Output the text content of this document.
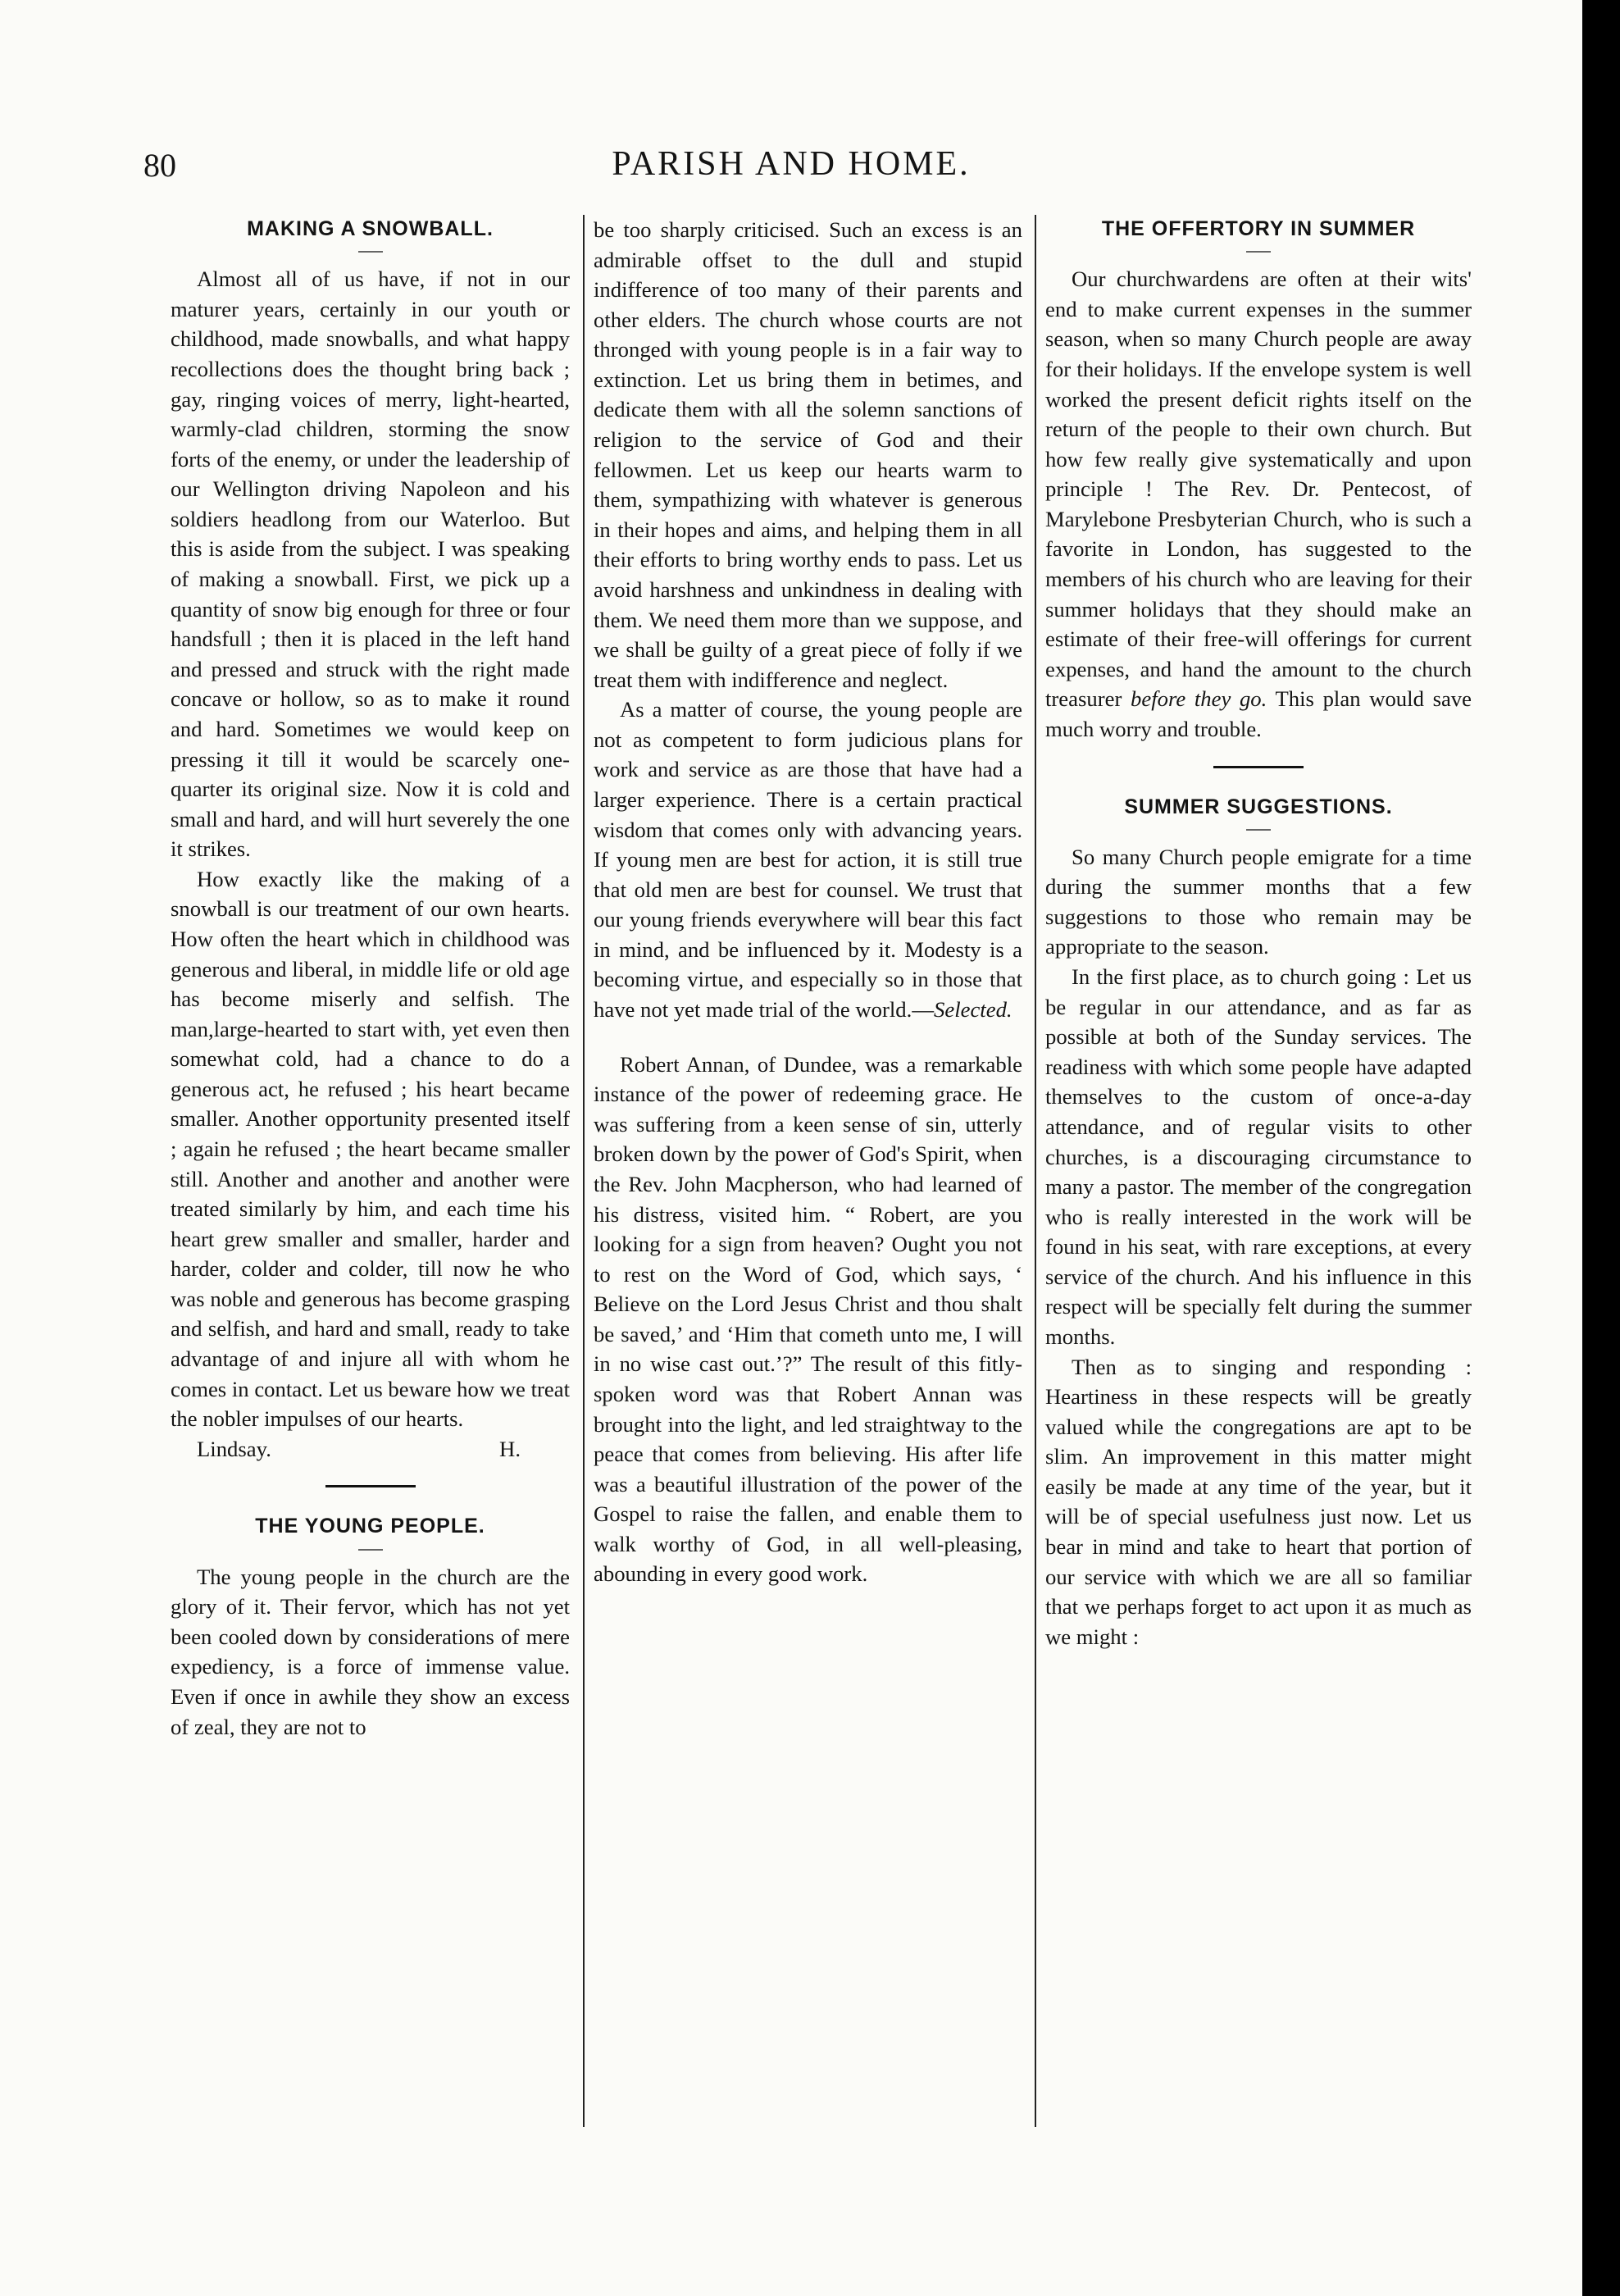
80	PARISH AND HOME.
MAKING A SNOWBALL.

Almost all of us have, if not in our maturer years, certainly in our youth or childhood, made snowballs, and what happy recollections does the thought bring back ; gay, ringing voices of merry, light-hearted, warmly-clad children, storming the snow forts of the enemy, or under the leadership of our Wellington driving Napoleon and his soldiers headlong from our Waterloo. But this is aside from the subject. I was speaking of making a snowball. First, we pick up a quantity of snow big enough for three or four handsfull ; then it is placed in the left hand and pressed and struck with the right made concave or hollow, so as to make it round and hard. Sometimes we would keep on pressing it till it would be scarcely one-quarter its original size. Now it is cold and small and hard, and will hurt severely the one it strikes.

How exactly like the making of a snowball is our treatment of our own hearts. How often the heart which in childhood was generous and liberal, in middle life or old age has become miserly and selfish. The man,large-hearted to start with, yet even then somewhat cold, had a chance to do a generous act, he refused ; his heart became smaller. Another opportunity presented itself ; again he refused ; the heart became smaller still. Another and another and another were treated similarly by him, and each time his heart grew smaller and smaller, harder and harder, colder and colder, till now he who was noble and generous has become grasping and selfish, and hard and small, ready to take advantage of and injure all with whom he comes in contact. Let us beware how we treat the nobler impulses of our hearts.

Lindsay.	H.

THE YOUNG PEOPLE.

The young people in the church are the glory of it. Their fervor, which has not yet been cooled down by considerations of mere expediency, is a force of immense value. Even if once in awhile they show an excess of zeal, they are not to

be too sharply criticised. Such an excess is an admirable offset to the dull and stupid indifference of too many of their parents and other elders. The church whose courts are not thronged with young people is in a fair way to extinction. Let us bring them in betimes, and dedicate them with all the solemn sanctions of religion to the service of God and their fellowmen. Let us keep our hearts warm to them, sympathizing with whatever is generous in their hopes and aims, and helping them in all their efforts to bring worthy ends to pass. Let us avoid harshness and unkindness in dealing with them. We need them more than we suppose, and we shall be guilty of a great piece of folly if we treat them with indifference and neglect.

As a matter of course, the young people are not as competent to form judicious plans for work and service as are those that have had a larger experience. There is a certain practical wisdom that comes only with advancing years. If young men are best for action, it is still true that old men are best for counsel. We trust that our young friends everywhere will bear this fact in mind, and be influenced by it. Modesty is a becoming virtue, and especially so in those that have not yet made trial of the world.—Selected.

Robert Annan, of Dundee, was a remarkable instance of the power of redeeming grace. He was suffering from a keen sense of sin, utterly broken down by the power of God's Spirit, when the Rev. John Macpherson, who had learned of his distress, visited him. “ Robert, are you looking for a sign from heaven? Ought you not to rest on the Word of God, which says, ‘ Believe on the Lord Jesus Christ and thou shalt be saved,’ and ‘Him that cometh unto me, I will in no wise cast out.’?” The result of this fitly-spoken word was that Robert Annan was brought into the light, and led straightway to the peace that comes from believing. His after life was a beautiful illustration of the power of the Gospel to raise the fallen, and enable them to walk worthy of God, in all well-pleasing, abounding in every good work.

THE OFFERTORY IN SUMMER

Our churchwardens are often at their wits' end to make current expenses in the summer season, when so many Church people are away for their holidays. If the envelope system is well worked the present deficit rights itself on the return of the people to their own church. But how few really give systematically and upon principle ! The Rev. Dr. Pentecost, of Marylebone Presbyterian Church, who is such a favorite in London, has suggested to the members of his church who are leaving for their summer holidays that they should make an estimate of their free-will offerings for current expenses, and hand the amount to the church treasurer before they go. This plan would save much worry and trouble.

SUMMER SUGGESTIONS.

So many Church people emigrate for a time during the summer months that a few suggestions to those who remain may be appropriate to the season.

In the first place, as to church going : Let us be regular in our attendance, and as far as possible at both of the Sunday services. The readiness with which some people have adapted themselves to the custom of once-a-day attendance, and of regular visits to other churches, is a discouraging circumstance to many a pastor. The member of the congregation who is really interested in the work will be found in his seat, with rare exceptions, at every service of the church. And his influence in this respect will be specially felt during the summer months.

Then as to singing and responding : Heartiness in these respects will be greatly valued while the congregations are apt to be slim. An improvement in this matter might easily be made at any time of the year, but it will be of special usefulness just now. Let us bear in mind and take to heart that portion of our service with which we are all so familiar that we perhaps forget to act upon it as much as we might :
